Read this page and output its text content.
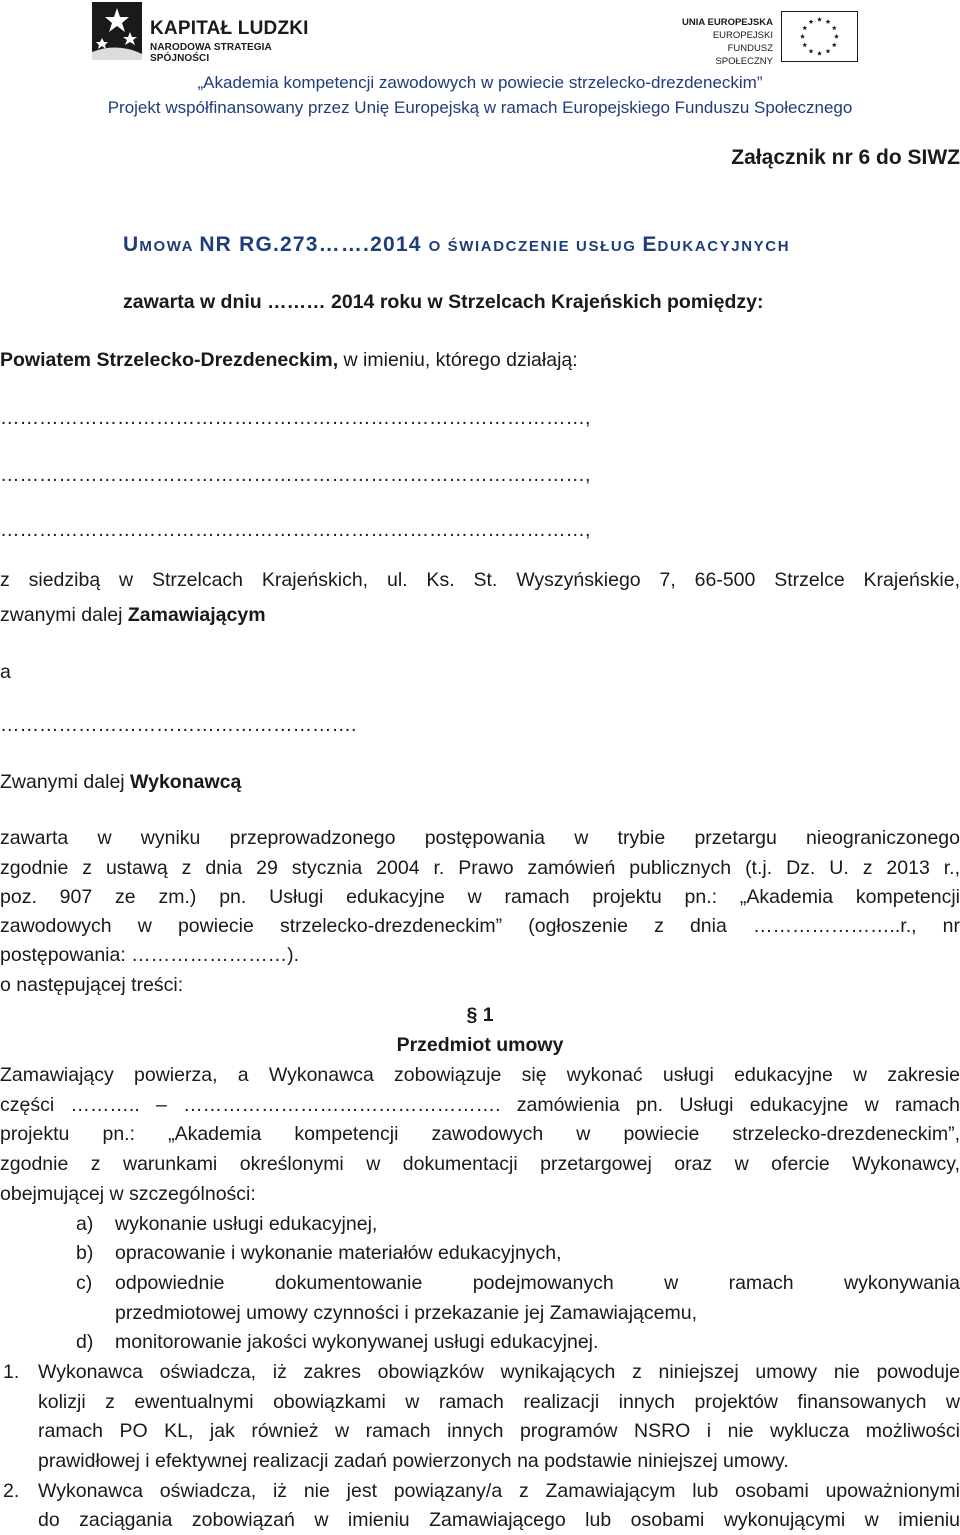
KAPITAŁ LUDZKI
NARODOWA STRATEGIA SPÓJNOŚCI
UNIA EUROPEJSKA
EUROPEJSKI
FUNDUSZ SPOŁECZNY
„Akademia kompetencji zawodowych w powiecie strzelecko-drezdeneckim”
Projekt współfinansowany przez Unię Europejską w ramach Europejskiego Funduszu Społecznego
Załącznik nr 6 do SIWZ
UMOWA NR RG.273…….2014 O ŚWIADCZENIE USŁUG EDUKACYJNYCH
zawarta w dniu ……… 2014 roku w Strzelcach Krajeńskich pomiędzy:
Powiatem Strzelecko-Drezdeneckim, w imieniu, którego działają:
………………………………………………………………………………,
………………………………………………………………………………,
………………………………………………………………………………,
z siedzibą w Strzelcach Krajeńskich, ul. Ks. St. Wyszyńskiego 7, 66-500 Strzelce Krajeńskie,
zwanymi dalej Zamawiającym
a
……………………………………………….
Zwanymi dalej Wykonawcą
zawarta w wyniku przeprowadzonego postępowania w trybie przetargu nieograniczonego
zgodnie z ustawą z dnia 29 stycznia 2004 r. Prawo zamówień publicznych (t.j. Dz. U. z 2013 r.,
poz. 907 ze zm.) pn. Usługi edukacyjne w ramach projektu pn.: „Akademia kompetencji
zawodowych w powiecie strzelecko-drezdeneckim” (ogłoszenie z dnia …………………..r., nr
postępowania: ……………………).
o następującej treści:
§ 1
Przedmiot umowy
Zamawiający powierza, a Wykonawca zobowiązuje się wykonać usługi edukacyjne w zakresie
części ……….. – …………………………………………. zamówienia pn. Usługi edukacyjne w ramach
projektu pn.: „Akademia kompetencji zawodowych w powiecie strzelecko-drezdeneckim”,
zgodnie z warunkami określonymi w dokumentacji przetargowej oraz w ofercie Wykonawcy,
obejmującej w szczególności:
a) wykonanie usługi edukacyjnej,
b) opracowanie i wykonanie materiałów edukacyjnych,
c) odpowiednie dokumentowanie podejmowanych w ramach wykonywania
przedmiotowej umowy czynności i przekazanie jej Zamawiającemu,
d) monitorowanie jakości wykonywanej usługi edukacyjnej.
1. Wykonawca oświadcza, iż zakres obowiązków wynikających z niniejszej umowy nie powoduje
kolizji z ewentualnymi obowiązkami w ramach realizacji innych projektów finansowanych w
ramach PO KL, jak również w ramach innych programów NSRO i nie wyklucza możliwości
prawidłowej i efektywnej realizacji zadań powierzonych na podstawie niniejszej umowy.
2. Wykonawca oświadcza, iż nie jest powiązany/a z Zamawiającym lub osobami upoważnionymi
do zaciągania zobowiązań w imieniu Zamawiającego lub osobami wykonującymi w imieniu
